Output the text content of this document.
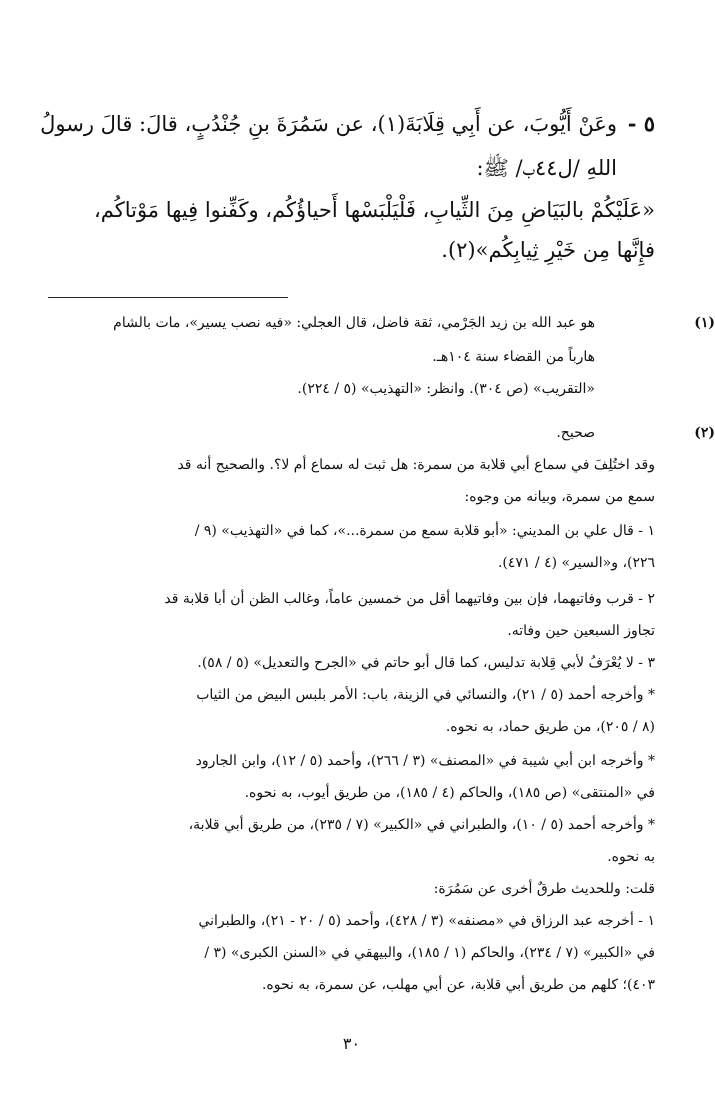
٥ -
وعَنْ أَيُّوبَ، عن أَبِي قِلَابَةَ(١)، عن سَمُرَةَ بنِ جُنْدُبٍ، قالَ: قالَ رسولُ
اللهِ /ل٤٤ب/ ﷺ:
«عَلَيْكُمْ بالبَيَاضِ مِنَ الثِّيابِ، فَلْيَلْبَسْها أَحياؤُكُم، وكَفِّنوا فِيها مَوْتاكُم،
فإِنَّها مِن خَيْرِ ثِيابِكُم»(٢).
(١)
هو عبد الله بن زيد الجَرْمي، ثقة فاضل، قال العجلي: «فيه نصب يسير»، مات بالشام
هارباً من القضاء سنة ١٠٤هـ.
«التقريب» (ص ٣٠٤). وانظر: «التهذيب» (٥ / ٢٢٤).
(٢)
صحيح.
وقد اختُلِفَ في سماع أبي قلابة من سمرة: هل ثبت له سماع أم لا؟. والصحيح أنه قد
سمع من سمرة، وبيانه من وجوه:
١ - قال علي بن المديني: «أبو قلابة سمع من سمرة...»، كما في «التهذيب» (٩ /
٢٢٦)، و«السير» (٤ / ٤٧١).
٢ - قرب وفاتيهما، فإن بين وفاتيهما أقل من خمسين عاماً، وغالب الظن أن أبا قلابة قد
تجاوز السبعين حين وفاته.
٣ - لا يُعْرَفُ لأبي قِلابة تدليس، كما قال أبو حاتم في «الجرح والتعديل» (٥ / ٥٨).
* وأخرجه أحمد (٥ / ٢١)، والنسائي في الزينة، باب: الأمر بلبس البيض من الثياب
(٨ / ٢٠٥)، من طريق حماد، به نحوه.
* وأخرجه ابن أبي شيبة في «المصنف» (٣ / ٢٦٦)، وأحمد (٥ / ١٢)، وابن الجارود
في «المنتقى» (ص ١٨٥)، والحاكم (٤ / ١٨٥)، من طريق أيوب، به نحوه.
* وأخرجه أحمد (٥ / ١٠)، والطبراني في «الكبير» (٧ / ٢٣٥)، من طريق أبي قلابة،
به نحوه.
قلت: وللحديث طرقٌ أخرى عن سَمُرَة:
١ - أخرجه عبد الرزاق في «مصنفه» (٣ / ٤٢٨)، وأحمد (٥ / ٢٠ - ٢١)، والطبراني
في «الكبير» (٧ / ٢٣٤)، والحاكم (١ / ١٨٥)، والبيهقي في «السنن الكبرى» (٣ /
٤٠٣)؛ كلهم من طريق أبي قلابة، عن أبي مهلب، عن سمرة، به نحوه.
٣٠
